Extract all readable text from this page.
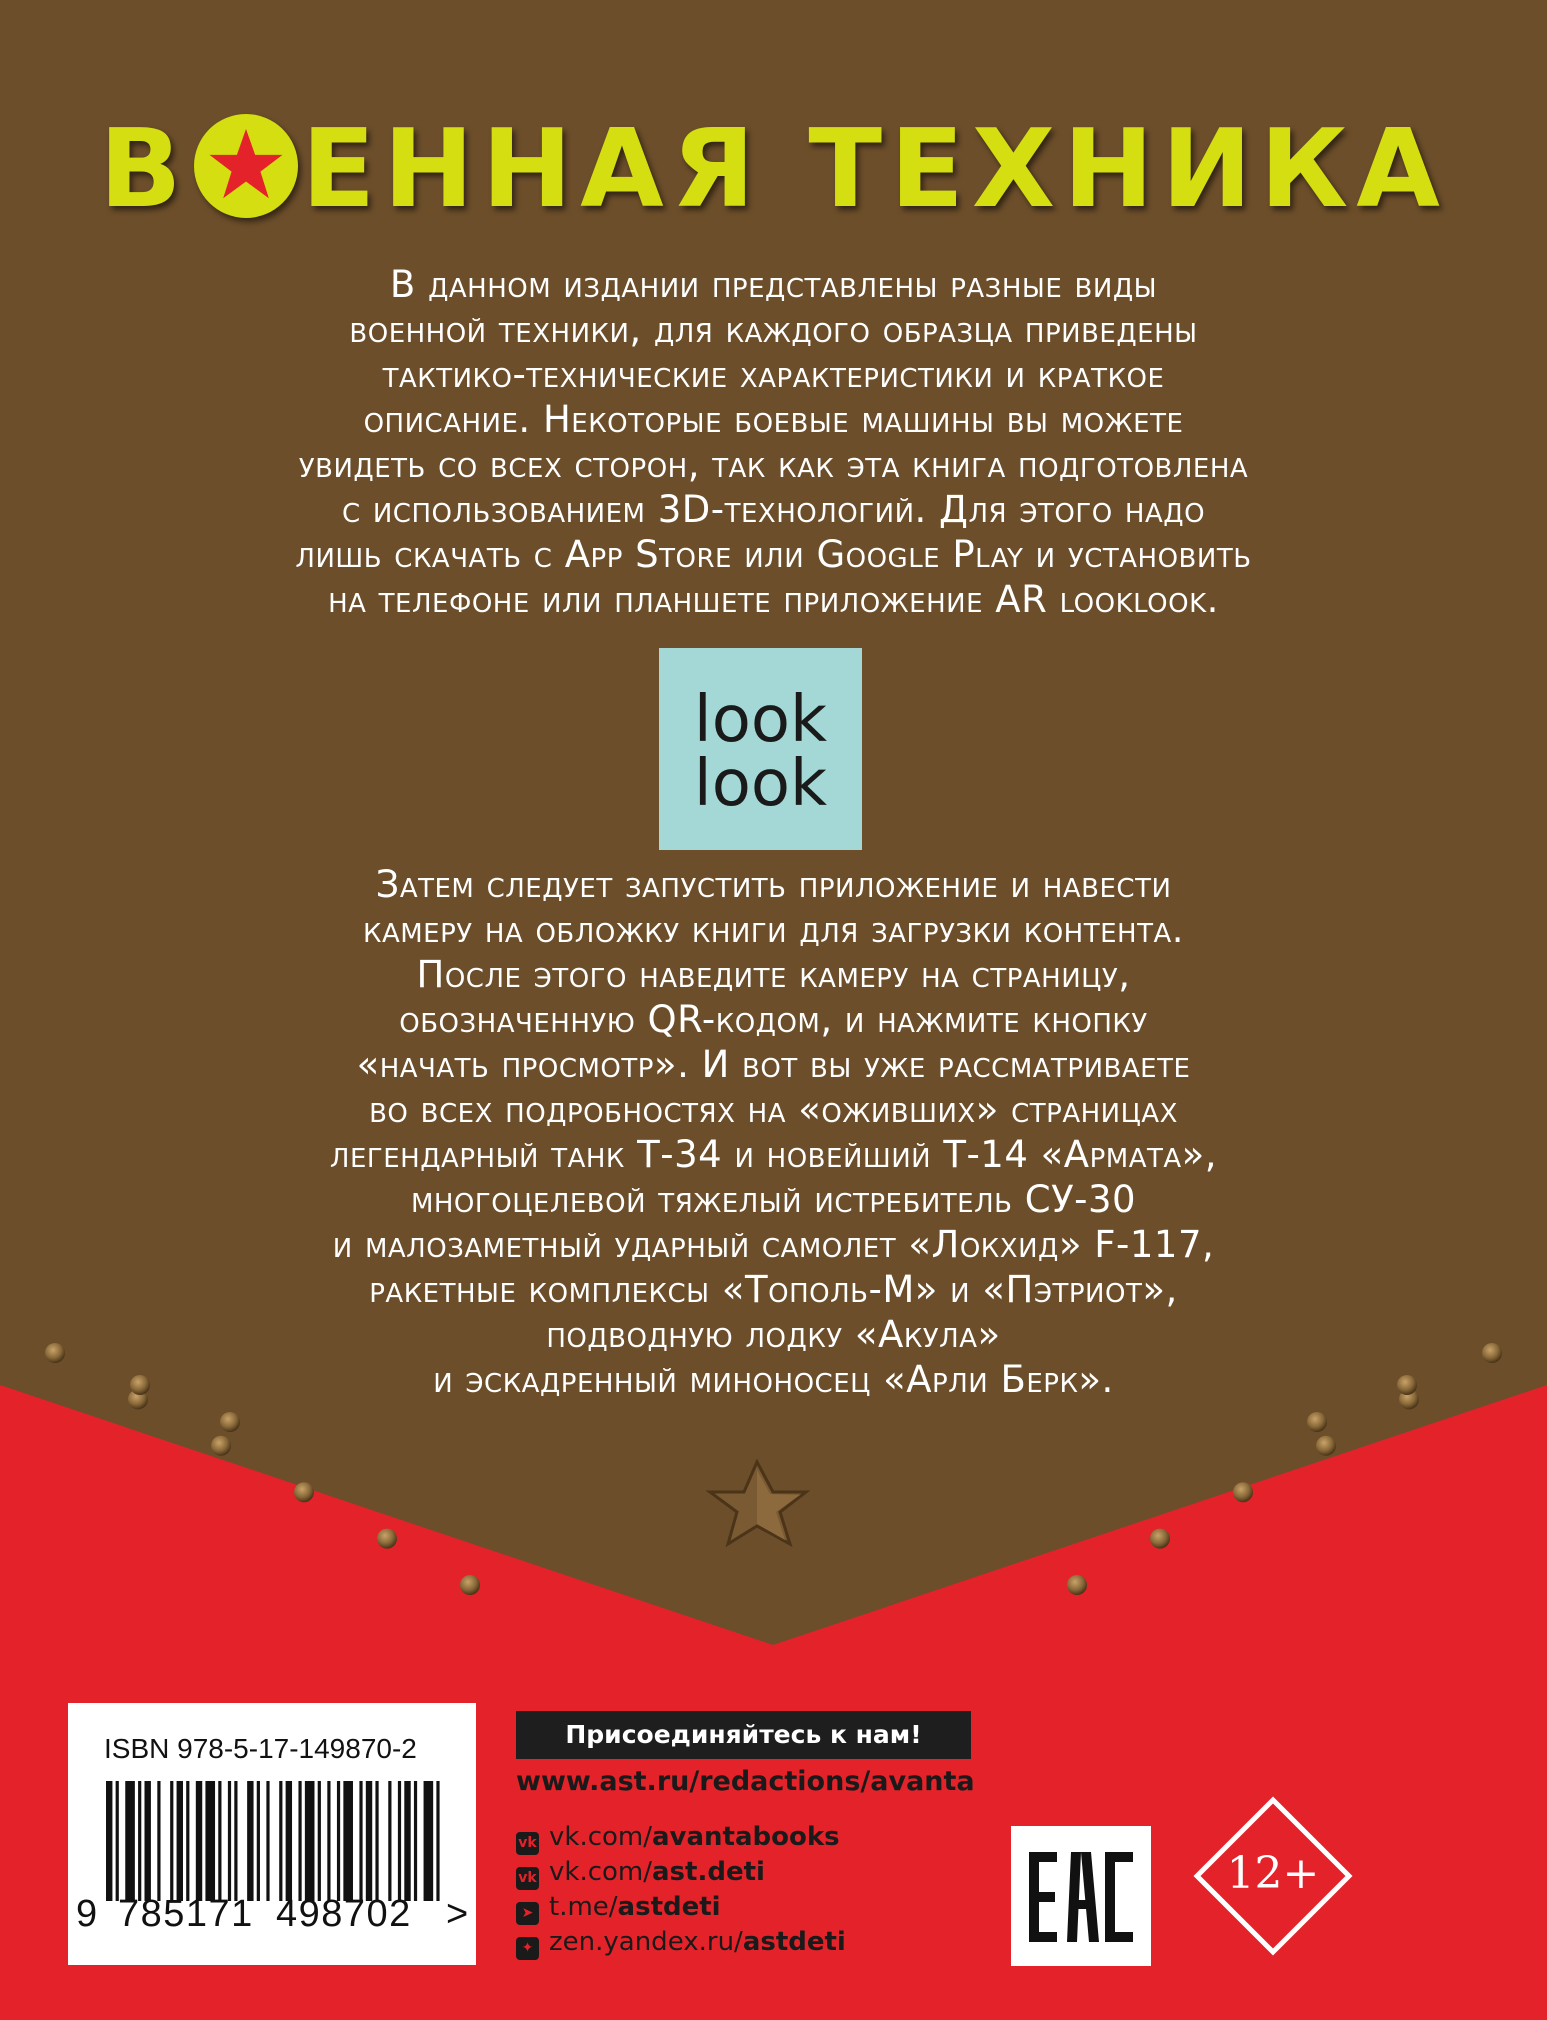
В ЕННАЯ ТЕХНИКА
В данном издании представлены разные виды
военной техники, для каждого образца приведены
тактико-технические характеристики и краткое
описание. Некоторые боевые машины вы можете
увидеть со всех сторон, так как эта книга подготовлена
с использованием 3D-технологий. Для этого надо
лишь скачать с App Store или Google Play и установить
на телефоне или планшете приложение AR looklook.
look
look
Затем следует запустить приложение и навести
камеру на обложку книги для загрузки контента.
После этого наведите камеру на страницу,
обозначенную QR-кодом, и нажмите кнопку
«начать просмотр». И вот вы уже рассматриваете
во всех подробностях на «оживших» страницах
легендарный танк Т-34 и новейший Т-14 «Армата»,
многоцелевой тяжелый истребитель СУ-30
и малозаметный ударный самолет «Локхид» F-117,
ракетные комплексы «Тополь-М» и «Пэтриот»,
подводную лодку «Акула»
и эскадренный миноносец «Арли Берк».
ISBN 978-5-17-149870-2
9 785171 498702 >
Присоединяйтесь к нам!
www.ast.ru/redactions/avanta
vk vk.com/avantabooks
vk vk.com/ast.deti
➤ t.me/astdeti
✦ zen.yandex.ru/astdeti
12+
